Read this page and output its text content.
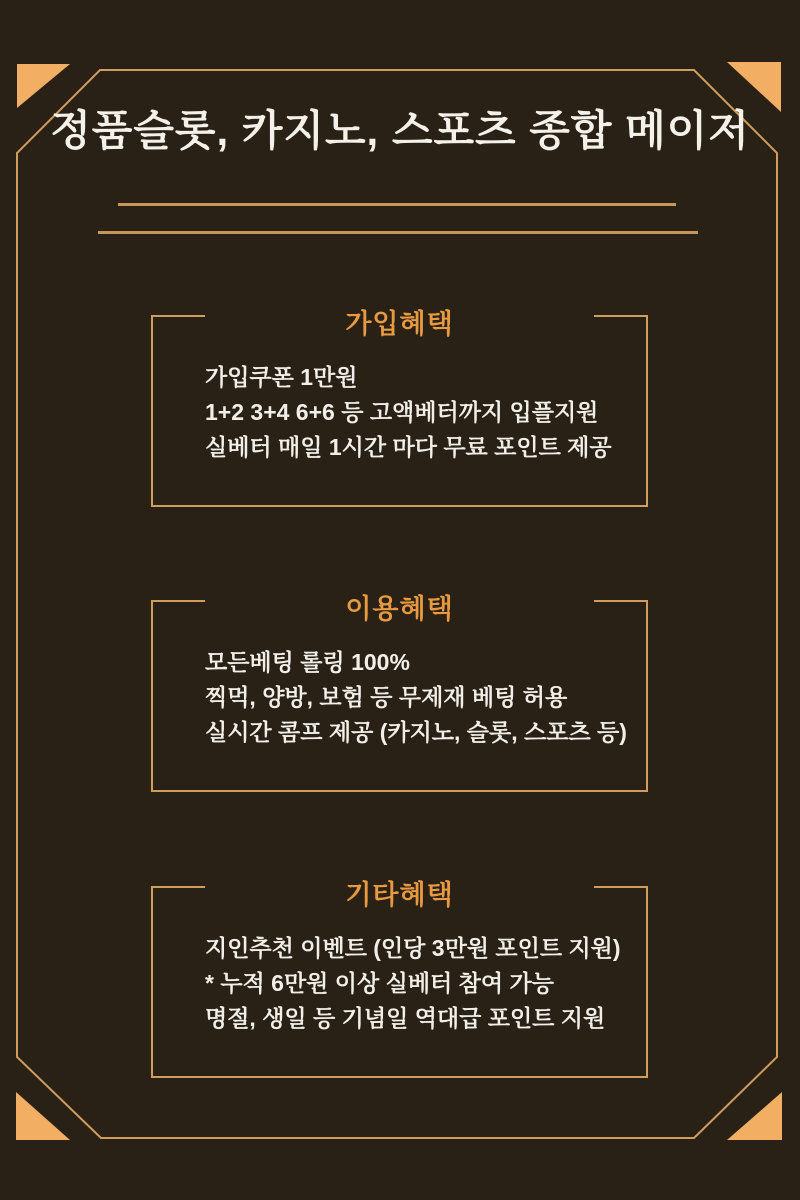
정품슬롯, 카지노, 스포츠 종합 메이저
가입혜택

가입쿠폰 1만원

1+2 3+4 6+6 등 고액베터까지 입플지원

실베터 매일 1시간 마다 무료 포인트 제공

이용혜택

모든베팅 롤링 100%

찍먹, 양방, 보험 등 무제재 베팅 허용

실시간 콤프 제공 (카지노, 슬롯, 스포츠 등)

기타혜택

지인추천 이벤트 (인당 3만원 포인트 지원)

* 누적 6만원 이상 실베터 참여 가능

명절, 생일 등 기념일 역대급 포인트 지원
